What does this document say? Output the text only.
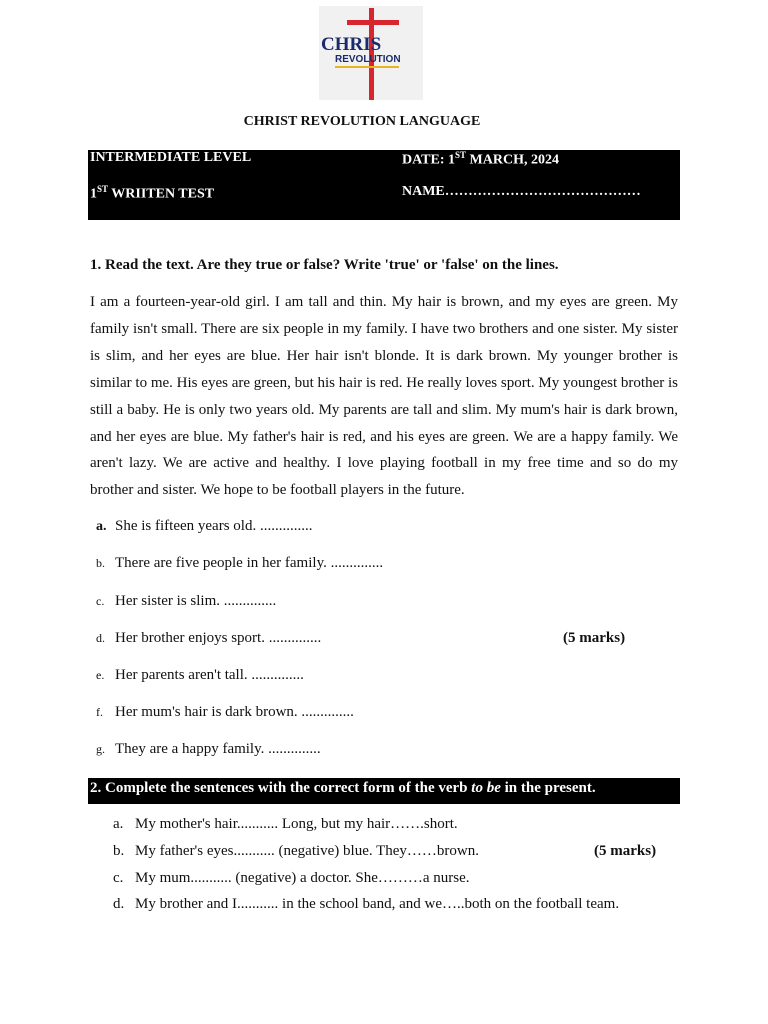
CHRIS
REVOLUTION
CHRIST REVOLUTION LANGUAGE
INTERMEDIATE LEVEL	DATE: 1ST MARCH, 2024
1ST WRIITEN TEST	NAME……………………………………
1. Read the text. Are they true or false? Write 'true' or 'false' on the lines.
I am a fourteen-year-old girl. I am tall and thin. My hair is brown, and my eyes are green. My family isn't small. There are six people in my family. I have two brothers and one sister. My sister is slim, and her eyes are blue. Her hair isn't blonde. It is dark brown. My younger brother is similar to me. His eyes are green, but his hair is red. He really loves sport. My youngest brother is still a baby. He is only two years old. My parents are tall and slim. My mum's hair is dark brown, and her eyes are blue. My father's hair is red, and his eyes are green. We are a happy family. We aren't lazy. We are active and healthy. I love playing football in my free time and so do my brother and sister. We hope to be football players in the future.
a. She is fifteen years old. ..............
b. There are five people in her family. ..............
c. Her sister is slim. ..............
d. Her brother enjoys sport. ..............	(5 marks)
e. Her parents aren't tall. ..............
f. Her mum's hair is dark brown. ..............
g. They are a happy family. ..............
2. Complete the sentences with the correct form of the verb to be in the present.
a. My mother's hair........... Long, but my hair…….short.
b. My father's eyes........... (negative) blue. They……brown.	(5 marks)
c. My mum........... (negative) a doctor. She………a nurse.
d. My brother and I........... in the school band, and we…..both on the football team.
